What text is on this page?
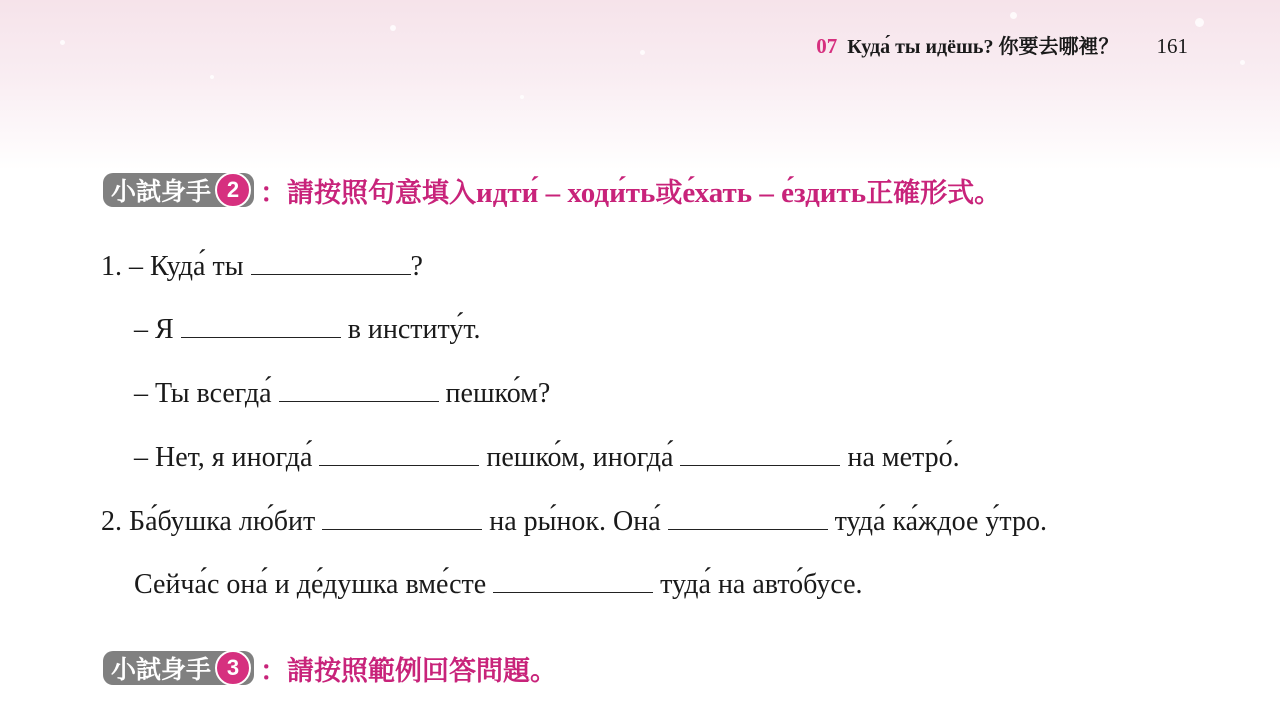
07 Куда́ ты идёшь? 你要去哪裡？ 161
小試身手 2 ：請按照句意填入идти́ – ходи́ть或е́хать – е́здить正確形式。
1. – Куда́ ты	?
– Я	в институ́т.
– Ты всегда́	пешко́м?
– Нет, я иногда́	пешко́м, иногда́	на метро́.
2. Ба́бушка лю́бит	на ры́нок. Она́	туда́ ка́ждое у́тро.
Сейча́с она́ и де́душка вме́сте	туда́ на авто́бусе.
小試身手 3 ：請按照範例回答問題。
